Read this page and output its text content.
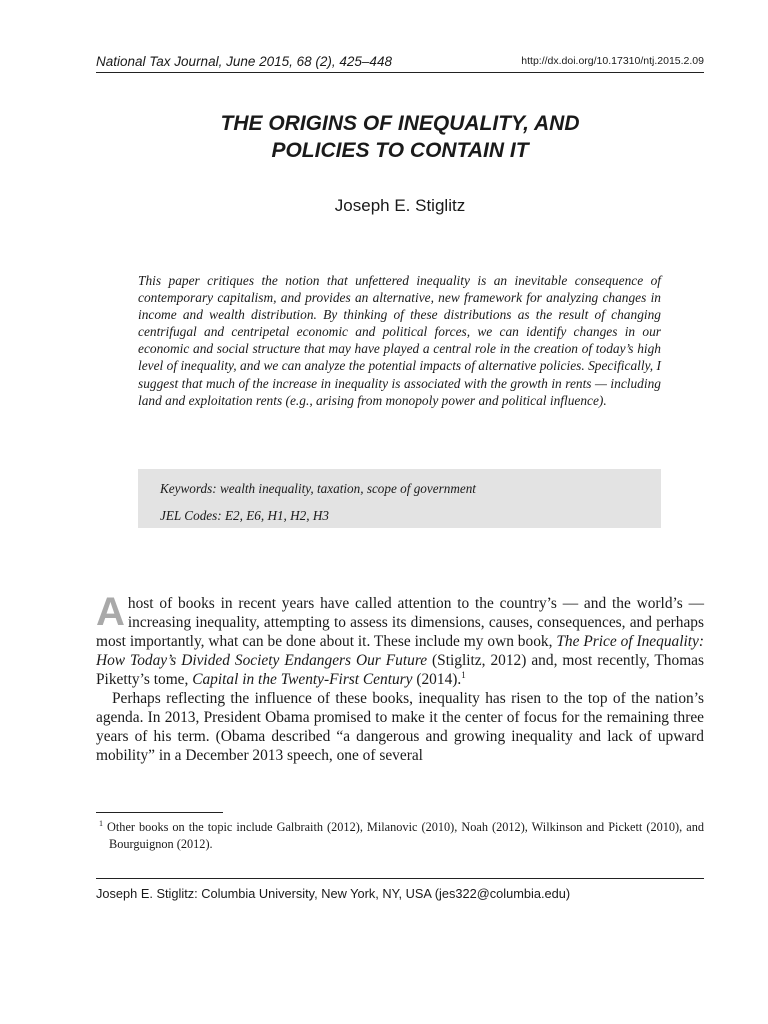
National Tax Journal, June 2015, 68 (2), 425–448	http://dx.doi.org/10.17310/ntj.2015.2.09
THE ORIGINS OF INEQUALITY, AND
POLICIES TO CONTAIN IT
Joseph E. Stiglitz

This paper critiques the notion that unfettered inequality is an inevitable consequence of contemporary capitalism, and provides an alternative, new framework for analyzing changes in income and wealth distribution. By thinking of these distributions as the result of changing centrifugal and centripetal economic and political forces, we can identify changes in our economic and social structure that may have played a central role in the creation of today’s high level of inequality, and we can analyze the potential impacts of alternative policies. Specifically, I suggest that much of the increase in inequality is associated with the growth in rents — including land and exploitation rents (e.g., arising from monopoly power and political influence).

Keywords: wealth inequality, taxation, scope of government
JEL Codes: E2, E6, H1, H2, H3
A host of books in recent years have called attention to the country’s — and the world’s — increasing inequality, attempting to assess its dimensions, causes, consequences, and perhaps most importantly, what can be done about it. These include my own book, The Price of Inequality: How Today’s Divided Society Endangers Our Future (Stiglitz, 2012) and, most recently, Thomas Piketty’s tome, Capital in the Twenty-First Century (2014).$^1$
Perhaps reflecting the influence of these books, inequality has risen to the top of the nation’s agenda. In 2013, President Obama promised to make it the center of focus for the remaining three years of his term. (Obama described “a dangerous and growing inequality and lack of upward mobility” in a December 2013 speech, one of several

$^1$ Other books on the topic include Galbraith (2012), Milanovic (2010), Noah (2012), Wilkinson and Pickett (2010), and Bourguignon (2012).

Joseph E. Stiglitz: Columbia University, New York, NY, USA (jes322@columbia.edu)
